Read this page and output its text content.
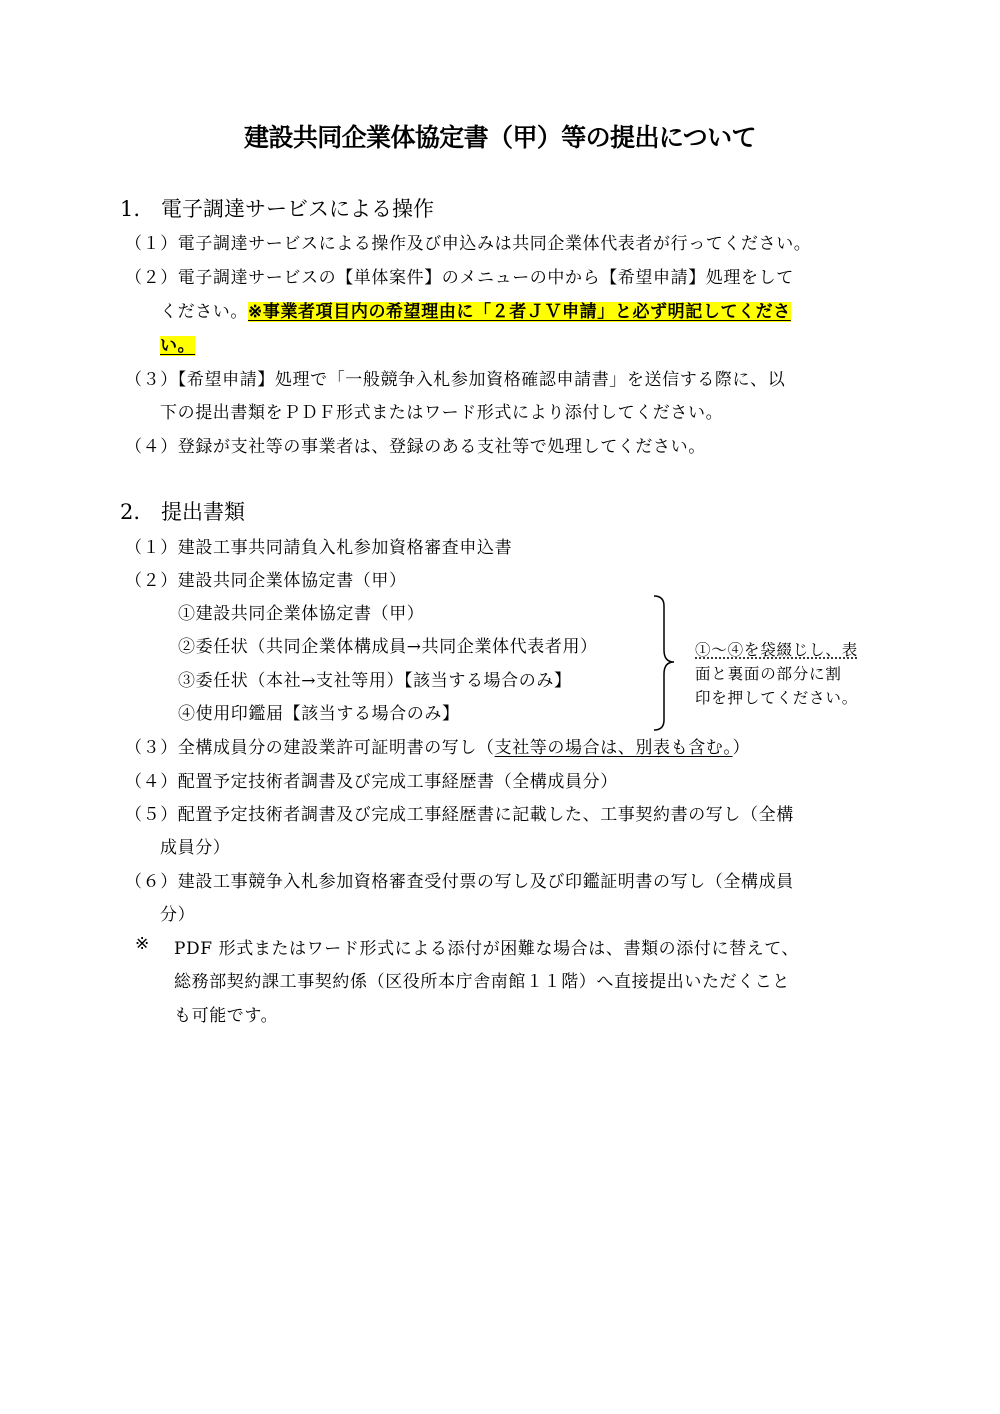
建設共同企業体協定書（甲）等の提出について
1.　電子調達サービスによる操作
（１）電子調達サービスによる操作及び申込みは共同企業体代表者が行ってください。
（２）電子調達サービスの【単体案件】のメニューの中から【希望申請】処理をして
ください。※事業者項目内の希望理由に「２者ＪＶ申請」と必ず明記してくださ
い。
（３）【希望申請】処理で「一般競争入札参加資格確認申請書」を送信する際に、以
下の提出書類をＰＤＦ形式またはワード形式により添付してください。
（４）登録が支社等の事業者は、登録のある支社等で処理してください。
2.　提出書類
（１）建設工事共同請負入札参加資格審査申込書
（２）建設共同企業体協定書（甲）
①建設共同企業体協定書（甲）
②委任状（共同企業体構成員→共同企業体代表者用）
③委任状（本社→支社等用）【該当する場合のみ】
④使用印鑑届【該当する場合のみ】
①～④を袋綴じし、表
面と裏面の部分に割
印を押してください。
（３）全構成員分の建設業許可証明書の写し（支社等の場合は、別表も含む。）
（４）配置予定技術者調書及び完成工事経歴書（全構成員分）
（５）配置予定技術者調書及び完成工事経歴書に記載した、工事契約書の写し（全構
成員分）
（６）建設工事競争入札参加資格審査受付票の写し及び印鑑証明書の写し（全構成員
分）
※ PDF 形式またはワード形式による添付が困難な場合は、書類の添付に替えて、
総務部契約課工事契約係（区役所本庁舎南館１１階）へ直接提出いただくこと
も可能です。
